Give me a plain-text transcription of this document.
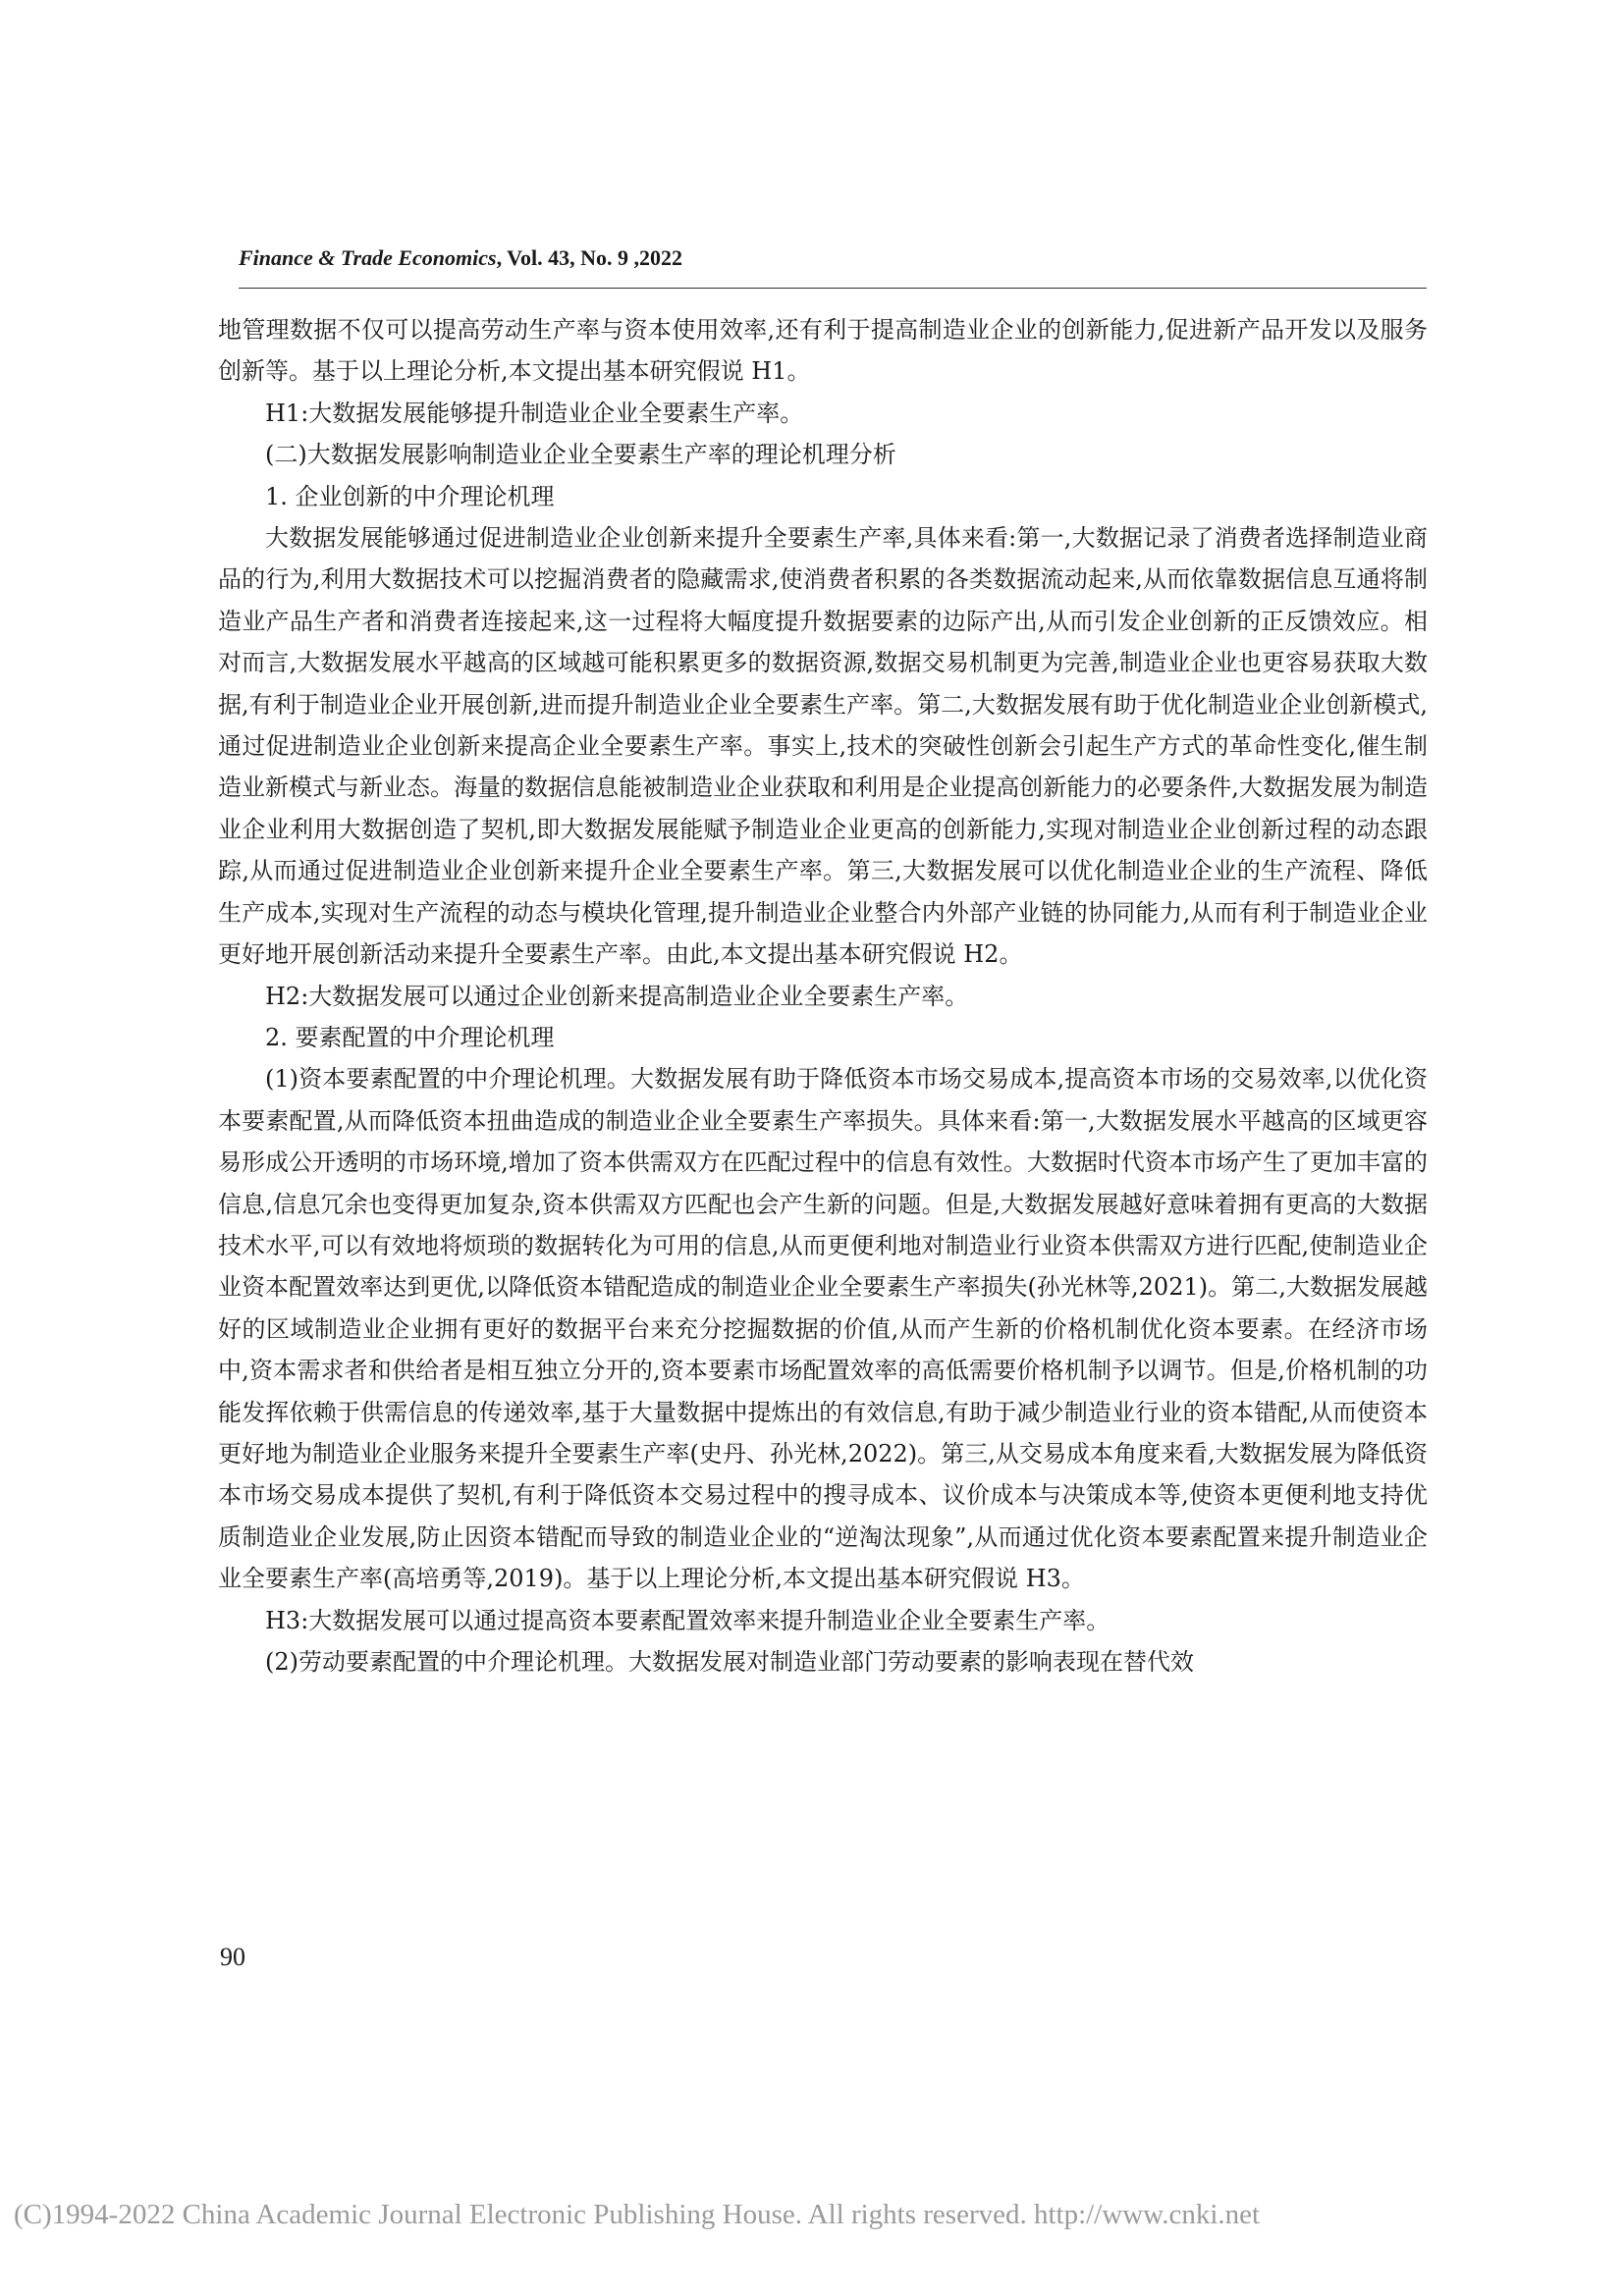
Finance & Trade Economics, Vol. 43, No. 9 ,2022

地管理数据不仅可以提高劳动生产率与资本使用效率,还有利于提高制造业企业的创新能力,促进新产品开发以及服务创新等。基于以上理论分析,本文提出基本研究假说 H1。

H1:大数据发展能够提升制造业企业全要素生产率。

(二)大数据发展影响制造业企业全要素生产率的理论机理分析

1. 企业创新的中介理论机理

大数据发展能够通过促进制造业企业创新来提升全要素生产率,具体来看:第一,大数据记录了消费者选择制造业商品的行为,利用大数据技术可以挖掘消费者的隐藏需求,使消费者积累的各类数据流动起来,从而依靠数据信息互通将制造业产品生产者和消费者连接起来,这一过程将大幅度提升数据要素的边际产出,从而引发企业创新的正反馈效应。相对而言,大数据发展水平越高的区域越可能积累更多的数据资源,数据交易机制更为完善,制造业企业也更容易获取大数据,有利于制造业企业开展创新,进而提升制造业企业全要素生产率。第二,大数据发展有助于优化制造业企业创新模式,通过促进制造业企业创新来提高企业全要素生产率。事实上,技术的突破性创新会引起生产方式的革命性变化,催生制造业新模式与新业态。海量的数据信息能被制造业企业获取和利用是企业提高创新能力的必要条件,大数据发展为制造业企业利用大数据创造了契机,即大数据发展能赋予制造业企业更高的创新能力,实现对制造业企业创新过程的动态跟踪,从而通过促进制造业企业创新来提升企业全要素生产率。第三,大数据发展可以优化制造业企业的生产流程、降低生产成本,实现对生产流程的动态与模块化管理,提升制造业企业整合内外部产业链的协同能力,从而有利于制造业企业更好地开展创新活动来提升全要素生产率。由此,本文提出基本研究假说 H2。

H2:大数据发展可以通过企业创新来提高制造业企业全要素生产率。

2. 要素配置的中介理论机理

(1)资本要素配置的中介理论机理。大数据发展有助于降低资本市场交易成本,提高资本市场的交易效率,以优化资本要素配置,从而降低资本扭曲造成的制造业企业全要素生产率损失。具体来看:第一,大数据发展水平越高的区域更容易形成公开透明的市场环境,增加了资本供需双方在匹配过程中的信息有效性。大数据时代资本市场产生了更加丰富的信息,信息冗余也变得更加复杂,资本供需双方匹配也会产生新的问题。但是,大数据发展越好意味着拥有更高的大数据技术水平,可以有效地将烦琐的数据转化为可用的信息,从而更便利地对制造业行业资本供需双方进行匹配,使制造业企业资本配置效率达到更优,以降低资本错配造成的制造业企业全要素生产率损失(孙光林等,2021)。第二,大数据发展越好的区域制造业企业拥有更好的数据平台来充分挖掘数据的价值,从而产生新的价格机制优化资本要素。在经济市场中,资本需求者和供给者是相互独立分开的,资本要素市场配置效率的高低需要价格机制予以调节。但是,价格机制的功能发挥依赖于供需信息的传递效率,基于大量数据中提炼出的有效信息,有助于减少制造业行业的资本错配,从而使资本更好地为制造业企业服务来提升全要素生产率(史丹、孙光林,2022)。第三,从交易成本角度来看,大数据发展为降低资本市场交易成本提供了契机,有利于降低资本交易过程中的搜寻成本、议价成本与决策成本等,使资本更便利地支持优质制造业企业发展,防止因资本错配而导致的制造业企业的“逆淘汰现象”,从而通过优化资本要素配置来提升制造业企业全要素生产率(高培勇等,2019)。基于以上理论分析,本文提出基本研究假说 H3。

H3:大数据发展可以通过提高资本要素配置效率来提升制造业企业全要素生产率。

(2)劳动要素配置的中介理论机理。大数据发展对制造业部门劳动要素的影响表现在替代效

90
(C)1994-2022 China Academic Journal Electronic Publishing House. All rights reserved. http://www.cnki.net
